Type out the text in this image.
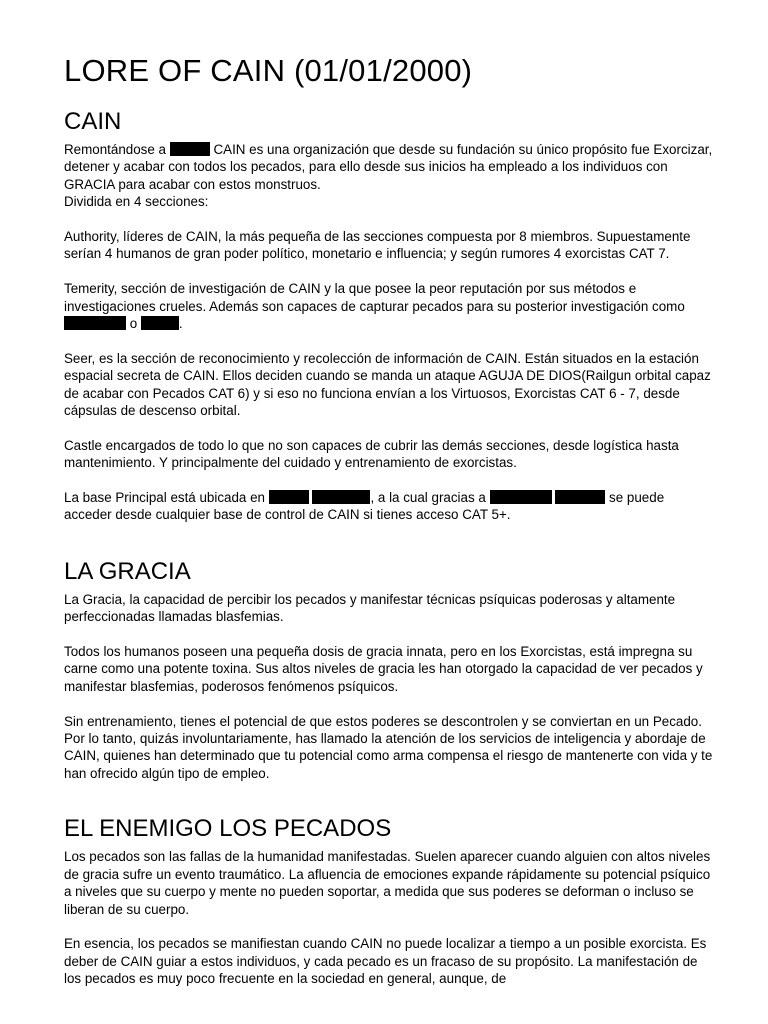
LORE OF CAIN (01/01/2000)
CAIN

Remontándose a	CAIN es una organización que desde su fundación su único propósito fue Exorcizar, detener y acabar con todos los pecados, para ello desde sus inicios ha empleado a los individuos con GRACIA para acabar con estos monstruos.

Dividida en 4 secciones:

Authority, líderes de CAIN, la más pequeña de las secciones compuesta por 8 miembros. Supuestamente serían 4 humanos de gran poder político, monetario e influencia; y según rumores 4 exorcistas CAT 7.

Temerity, sección de investigación de CAIN y la que posee la peor reputación por sus métodos e investigaciones crueles. Además son capaces de capturar pecados para su posterior investigación como  o	.

Seer, es la sección de reconocimiento y recolección de información de CAIN. Están situados en la estación espacial secreta de CAIN. Ellos deciden cuando se manda un ataque AGUJA DE DIOS(Railgun orbital capaz de acabar con Pecados CAT 6) y si eso no funciona envían a los Virtuosos, Exorcistas CAT 6 - 7, desde cápsulas de descenso orbital.

Castle encargados de todo lo que no son capaces de cubrir las demás secciones, desde logística hasta mantenimiento. Y principalmente del cuidado y entrenamiento de exorcistas.

La base Principal está ubicada en	, a la cual gracias a	se puede acceder desde cualquier base de control de CAIN si tienes acceso CAT 5+.

LA GRACIA

La Gracia, la capacidad de percibir los pecados y manifestar técnicas psíquicas poderosas y altamente perfeccionadas llamadas blasfemias.

Todos los humanos poseen una pequeña dosis de gracia innata, pero en los Exorcistas, está impregna su carne como una potente toxina. Sus altos niveles de gracia les han otorgado la capacidad de ver pecados y manifestar blasfemias, poderosos fenómenos psíquicos.

Sin entrenamiento, tienes el potencial de que estos poderes se descontrolen y se conviertan en un Pecado. Por lo tanto, quizás involuntariamente, has llamado la atención de los servicios de inteligencia y abordaje de CAIN, quienes han determinado que tu potencial como arma compensa el riesgo de mantenerte con vida y te han ofrecido algún tipo de empleo.

EL ENEMIGO LOS PECADOS

Los pecados son las fallas de la humanidad manifestadas. Suelen aparecer cuando alguien con altos niveles de gracia sufre un evento traumático. La afluencia de emociones expande rápidamente su potencial psíquico a niveles que su cuerpo y mente no pueden soportar, a medida que sus poderes se deforman o incluso se liberan de su cuerpo.

En esencia, los pecados se manifiestan cuando CAIN no puede localizar a tiempo a un posible exorcista. Es deber de CAIN guiar a estos individuos, y cada pecado es un fracaso de su propósito. La manifestación de los pecados es muy poco frecuente en la sociedad en general, aunque, de
